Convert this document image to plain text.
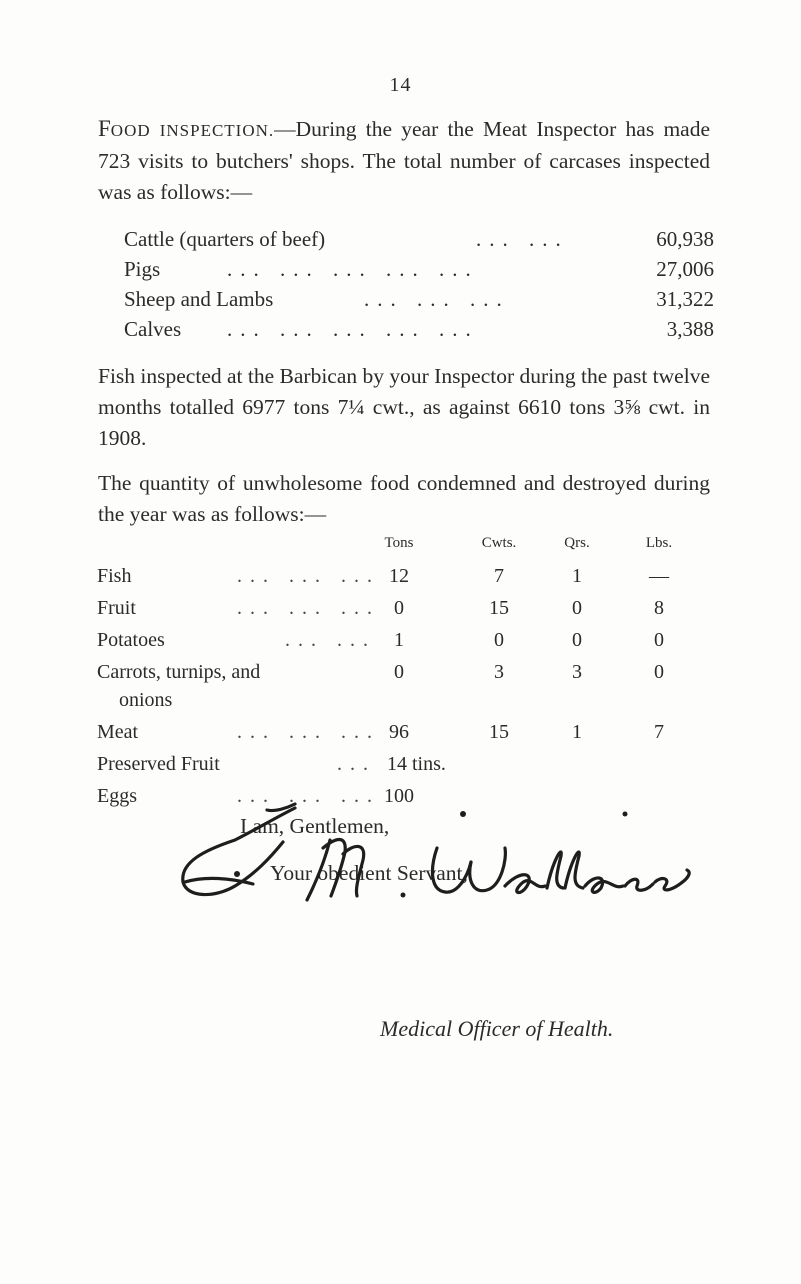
14
FOOD INSPECTION.—During the year the Meat Inspector has made 723 visits to butchers' shops. The total number of carcases inspected was as follows:—
Cattle (quarters of beef)	... ...	60,938
Pigs	... ... ... ... ...	27,006
Sheep and Lambs	... ... ...	31,322
Calves ... ... ... ... ...	3,388
Fish inspected at the Barbican by your Inspector during the past twelve months totalled 6977 tons 7¼ cwt., as against 6610 tons 3⅝ cwt. in 1908.
The quantity of unwholesome food condemned and destroyed during the year was as follows:—
Tons	Cwts.	Qrs.	Lbs.
Fish	... ... ... 12	7	1	—
Fruit	... ... ... 0	15	0	8
Potatoes	... ... 1	0	0	0
Carrots, turnips, and	0	3	3	0
onions
Meat	... ... ... 96	15	1	7
Preserved Fruit	... 14 tins.
Eggs	... ... ... 100
I am, Gentlemen,
Your obedient Servant,
Medical Officer of Health.
